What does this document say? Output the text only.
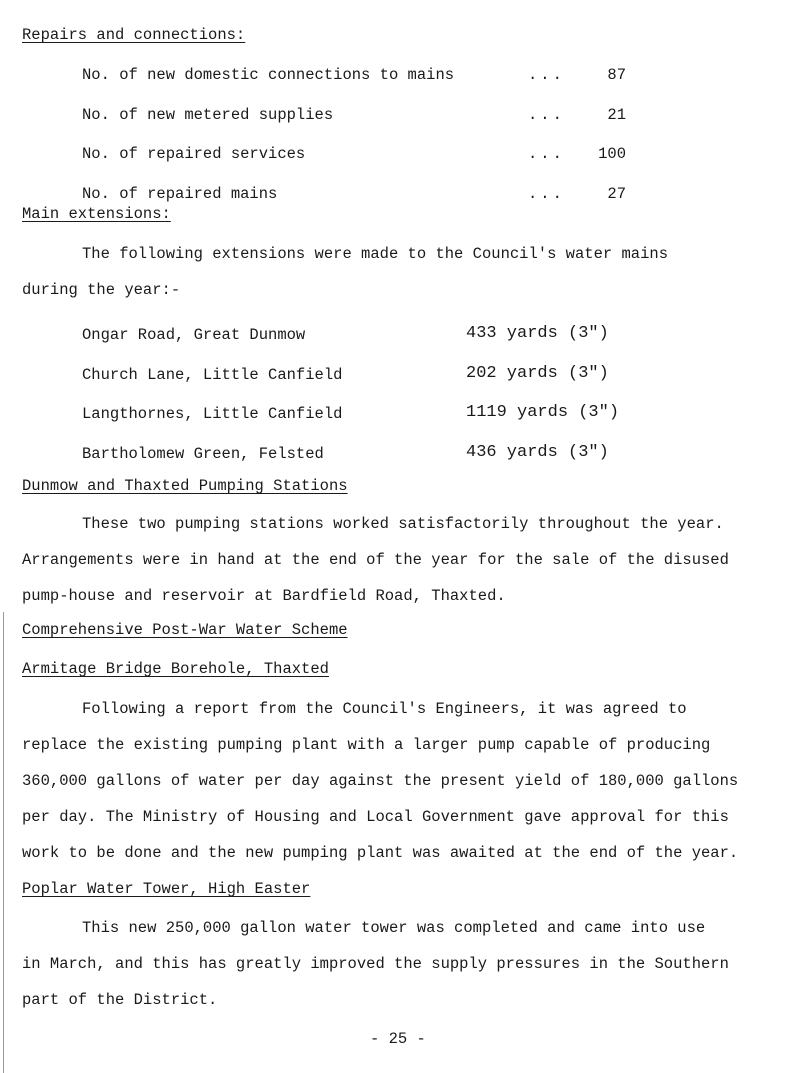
Repairs and connections:
No. of new domestic connections to mains	...	87
No. of new metered supplies	...	21
No. of repaired services	...	100
No. of repaired mains	...	27
Main extensions:
The following extensions were made to the Council's water mains
during the year:-
Ongar Road, Great Dunmow	433 yards (3")
Church Lane, Little Canfield	202 yards (3")
Langthornes, Little Canfield	1119 yards (3")
Bartholomew Green, Felsted	436 yards (3")
Dunmow and Thaxted Pumping Stations
These two pumping stations worked satisfactorily throughout the year.
Arrangements were in hand at the end of the year for the sale of the disused
pump-house and reservoir at Bardfield Road, Thaxted.
Comprehensive Post-War Water Scheme
Armitage Bridge Borehole, Thaxted
Following a report from the Council's Engineers, it was agreed to
replace the existing pumping plant with a larger pump capable of producing
360,000 gallons of water per day against the present yield of 180,000 gallons
per day. The Ministry of Housing and Local Government gave approval for this
work to be done and the new pumping plant was awaited at the end of the year.
Poplar Water Tower, High Easter
This new 250,000 gallon water tower was completed and came into use
in March, and this has greatly improved the supply pressures in the Southern
part of the District.
- 25 -
